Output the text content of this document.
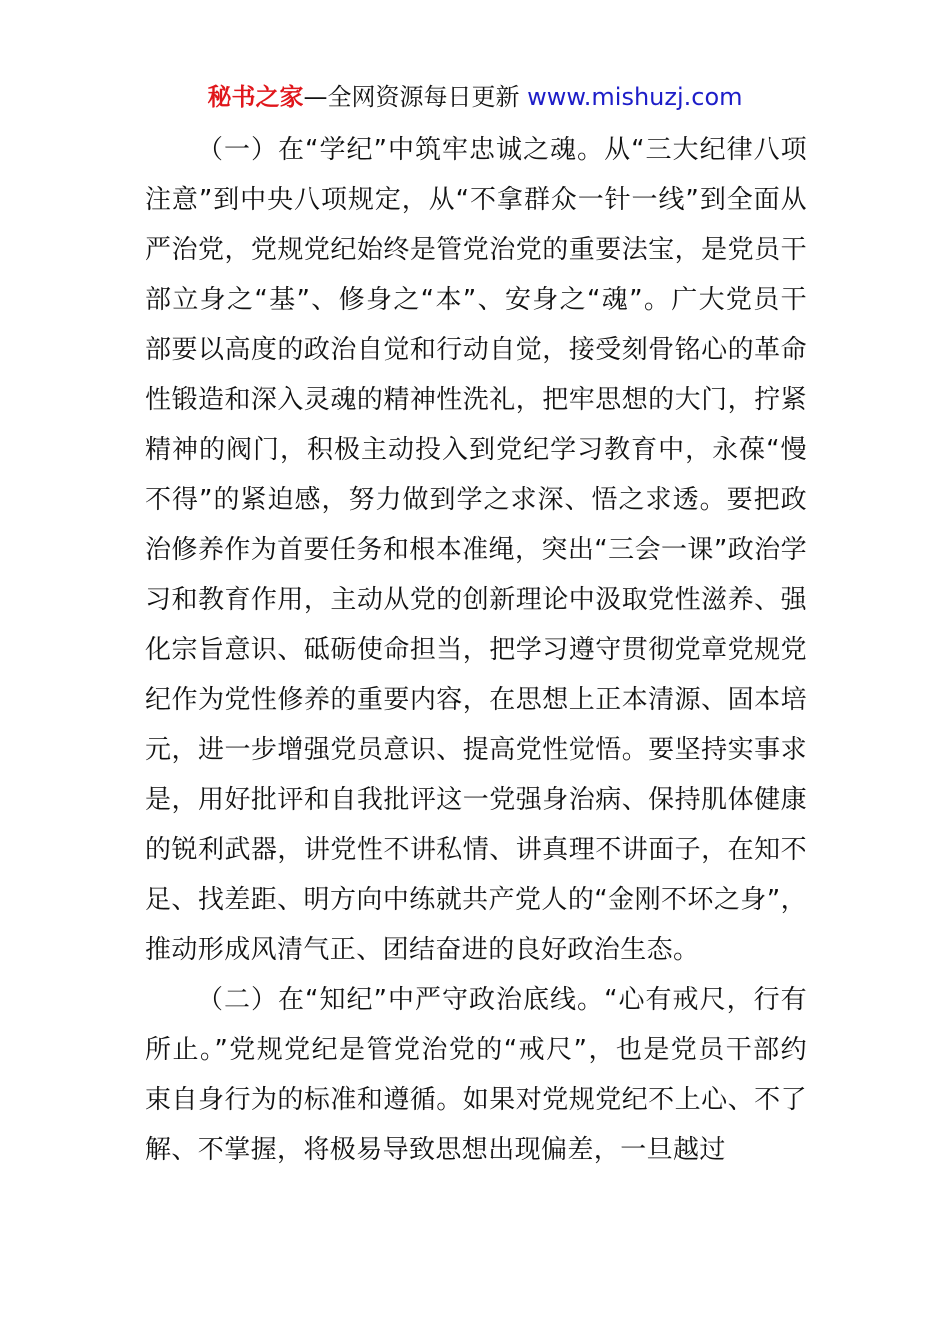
秘书之家—全网资源每日更新 www.mishuzj.com

（一）在“学纪”中筑牢忠诚之魂。从“三大纪律八项注意”到中央八项规定，从“不拿群众一针一线”到全面从严治党，党规党纪始终是管党治党的重要法宝，是党员干部立身之“基”、修身之“本”、安身之“魂”。广大党员干部要以高度的政治自觉和行动自觉，接受刻骨铭心的革命性锻造和深入灵魂的精神性洗礼，把牢思想的大门，拧紧精神的阀门，积极主动投入到党纪学习教育中，永葆“慢不得”的紧迫感，努力做到学之求深、悟之求透。要把政治修养作为首要任务和根本准绳，突出“三会一课”政治学习和教育作用，主动从党的创新理论中汲取党性滋养、强化宗旨意识、砥砺使命担当，把学习遵守贯彻党章党规党纪作为党性修养的重要内容，在思想上正本清源、固本培元，进一步增强党员意识、提高党性觉悟。要坚持实事求是，用好批评和自我批评这一党强身治病、保持肌体健康的锐利武器，讲党性不讲私情、讲真理不讲面子，在知不足、找差距、明方向中练就共产党人的“金刚不坏之身”，推动形成风清气正、团结奋进的良好政治生态。

（二）在“知纪”中严守政治底线。“心有戒尺，行有所止。”党规党纪是管党治党的“戒尺”，也是党员干部约束自身行为的标准和遵循。如果对党规党纪不上心、不了解、不掌握，将极易导致思想出现偏差，一旦越过
